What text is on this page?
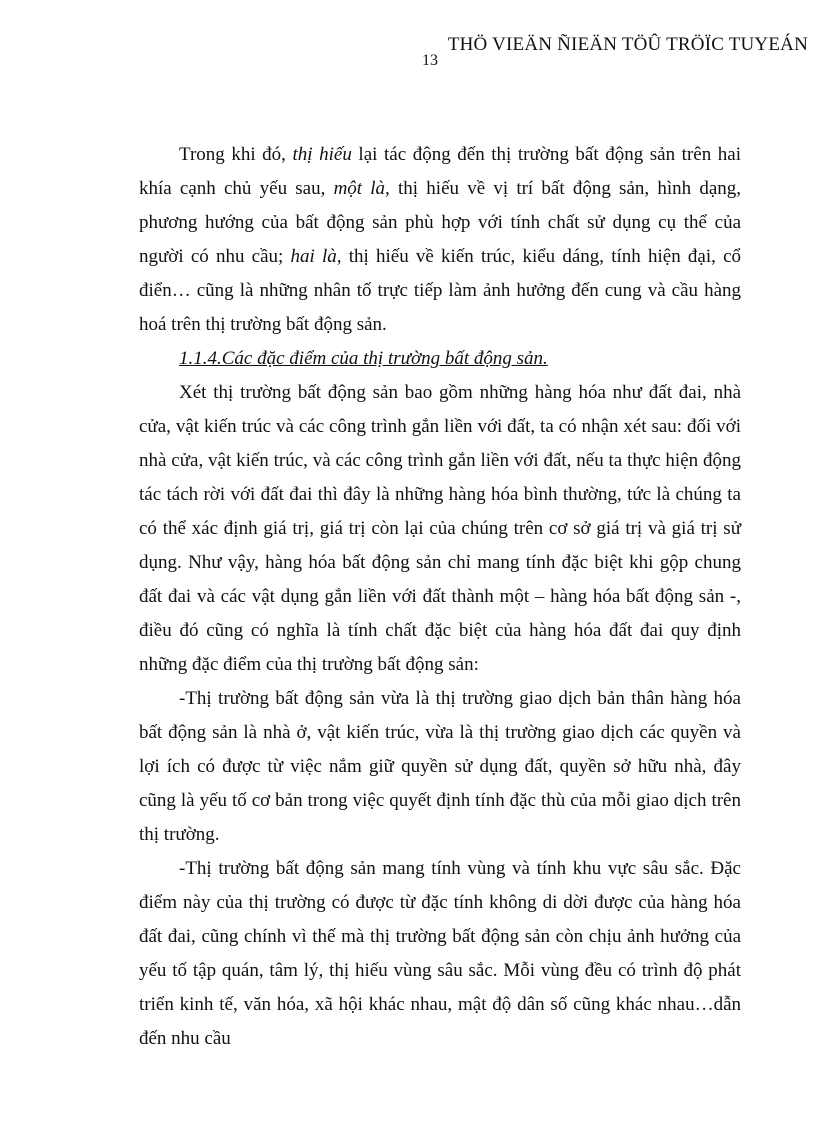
THÖ VIEÄN ÑIEÄN TÖÛ TRÖÏC TUYEÁN
13

Trong khi đó, thị hiếu lại tác động đến thị trường bất động sản trên hai khía cạnh chủ yếu sau, một là, thị hiếu về vị trí bất động sản, hình dạng, phương hướng của bất động sản phù hợp với tính chất sử dụng cụ thể của người có nhu cầu; hai là, thị hiếu về kiến trúc, kiểu dáng, tính hiện đại, cổ điển… cũng là những nhân tố trực tiếp làm ảnh hưởng đến cung và cầu hàng hoá trên thị trường bất động sản.

1.1.4.Các đặc điểm của thị trường bất động sản.

Xét thị trường bất động sản bao gồm những hàng hóa như đất đai, nhà cửa, vật kiến trúc và các công trình gắn liền với đất, ta có nhận xét sau: đối với nhà cửa, vật kiến trúc, và các công trình gắn liền với đất, nếu ta thực hiện động tác tách rời với đất đai thì đây là những hàng hóa bình thường, tức là chúng ta có thể xác định giá trị, giá trị còn lại của chúng trên cơ sở giá trị và giá trị sử dụng. Như vậy, hàng hóa bất động sản chỉ mang tính đặc biệt khi gộp chung đất đai và các vật dụng gắn liền với đất thành một – hàng hóa bất động sản -, điều đó cũng có nghĩa là tính chất đặc biệt của hàng hóa đất đai quy định những đặc điểm của thị trường bất động sản:

-Thị trường bất động sản vừa là thị trường giao dịch bản thân hàng hóa bất động sản là nhà ở, vật kiến trúc, vừa là thị trường giao dịch các quyền và lợi ích có được từ việc nắm giữ quyền sử dụng đất, quyền sở hữu nhà, đây cũng là yếu tố cơ bản trong việc quyết định tính đặc thù của mỗi giao dịch trên thị trường.

-Thị trường bất động sản mang tính vùng và tính khu vực sâu sắc. Đặc điểm này của thị trường có được từ đặc tính không di dời được của hàng hóa đất đai, cũng chính vì thế mà thị trường bất động sản còn chịu ảnh hưởng của yếu tố tập quán, tâm lý, thị hiếu vùng sâu sắc. Mỗi vùng đều có trình độ phát triển kinh tế, văn hóa, xã hội khác nhau, mật độ dân số cũng khác nhau…dẫn đến nhu cầu
